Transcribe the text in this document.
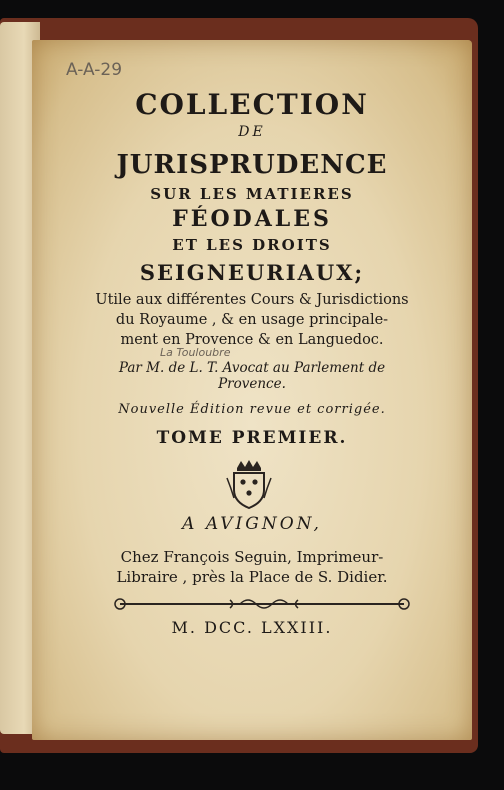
A-A-29
COLLECTION
DE
JURISPRUDENCE
SUR LES MATIERES
FÉODALES
ET LES DROITS
SEIGNEURIAUX;
Utile aux différentes Cours & Jurisdictions
du Royaume , & en usage principale-
ment en Provence & en Languedoc.
La Touloubre
Par M. de L. T. Avocat au Parlement de
Provence.
Nouvelle Édition revue et corrigée.
TOME PREMIER.
A AVIGNON,
Chez François Seguin, Imprimeur-
Libraire , près la Place de S. Didier.
M. DCC. LXXIII.
